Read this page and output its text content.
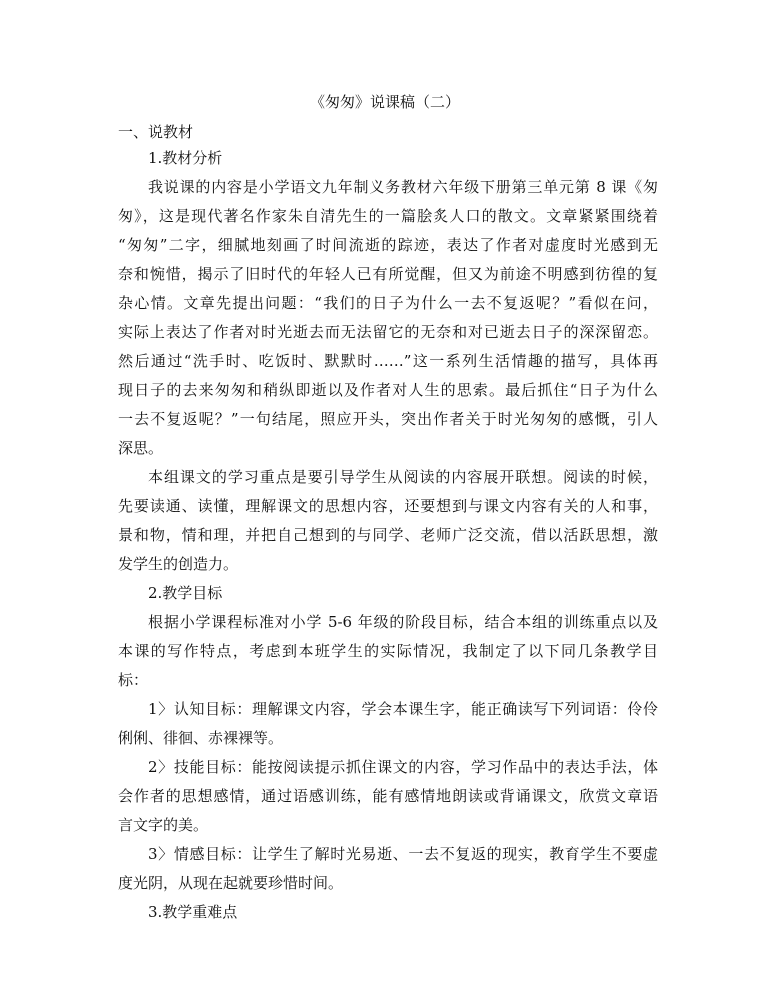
《匆匆》说课稿（二）
一、说教材
1.教材分析
我说课的内容是小学语文九年制义务教材六年级下册第三单元第 8 课《匆
匆》，这是现代著名作家朱自清先生的一篇脍炙人口的散文。文章紧紧围绕着
“匆匆”二字，细腻地刻画了时间流逝的踪迹，表达了作者对虚度时光感到无
奈和惋惜，揭示了旧时代的年轻人已有所觉醒，但又为前途不明感到彷徨的复
杂心情。文章先提出问题：“我们的日子为什么一去不复返呢？”看似在问，
实际上表达了作者对时光逝去而无法留它的无奈和对已逝去日子的深深留恋。
然后通过“洗手时、吃饭时、默默时……”这一系列生活情趣的描写，具体再
现日子的去来匆匆和稍纵即逝以及作者对人生的思索。最后抓住“日子为什么
一去不复返呢？”一句结尾，照应开头，突出作者关于时光匆匆的感慨，引人
深思。
本组课文的学习重点是要引导学生从阅读的内容展开联想。阅读的时候，
先要读通、读懂，理解课文的思想内容，还要想到与课文内容有关的人和事，
景和物，情和理，并把自己想到的与同学、老师广泛交流，借以活跃思想，激
发学生的创造力。
2.教学目标
根据小学课程标准对小学 5-6 年级的阶段目标，结合本组的训练重点以及
本课的写作特点，考虑到本班学生的实际情况，我制定了以下同几条教学目
标：
1〉认知目标：理解课文内容，学会本课生字，能正确读写下列词语：伶伶
俐俐、徘徊、赤裸裸等。
2〉技能目标：能按阅读提示抓住课文的内容，学习作品中的表达手法，体
会作者的思想感情，通过语感训练，能有感情地朗读或背诵课文，欣赏文章语
言文字的美。
3〉情感目标：让学生了解时光易逝、一去不复返的现实，教育学生不要虚
度光阴，从现在起就要珍惜时间。
3.教学重难点
